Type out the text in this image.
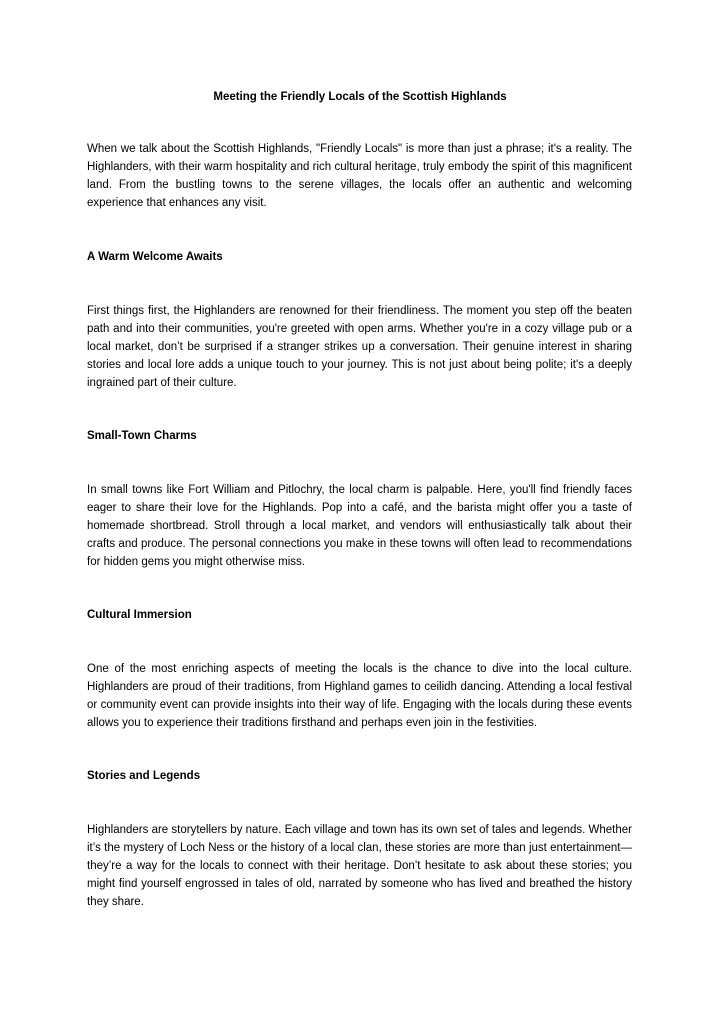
Meeting the Friendly Locals of the Scottish Highlands

When we talk about the Scottish Highlands, "Friendly Locals" is more than just a phrase; it's a reality. The Highlanders, with their warm hospitality and rich cultural heritage, truly embody the spirit of this magnificent land. From the bustling towns to the serene villages, the locals offer an authentic and welcoming experience that enhances any visit.

A Warm Welcome Awaits

First things first, the Highlanders are renowned for their friendliness. The moment you step off the beaten path and into their communities, you're greeted with open arms. Whether you're in a cozy village pub or a local market, don’t be surprised if a stranger strikes up a conversation. Their genuine interest in sharing stories and local lore adds a unique touch to your journey. This is not just about being polite; it's a deeply ingrained part of their culture.

Small-Town Charms

In small towns like Fort William and Pitlochry, the local charm is palpable. Here, you'll find friendly faces eager to share their love for the Highlands. Pop into a café, and the barista might offer you a taste of homemade shortbread. Stroll through a local market, and vendors will enthusiastically talk about their crafts and produce. The personal connections you make in these towns will often lead to recommendations for hidden gems you might otherwise miss.

Cultural Immersion

One of the most enriching aspects of meeting the locals is the chance to dive into the local culture. Highlanders are proud of their traditions, from Highland games to ceilidh dancing. Attending a local festival or community event can provide insights into their way of life. Engaging with the locals during these events allows you to experience their traditions firsthand and perhaps even join in the festivities.

Stories and Legends

Highlanders are storytellers by nature. Each village and town has its own set of tales and legends. Whether it’s the mystery of Loch Ness or the history of a local clan, these stories are more than just entertainment—they’re a way for the locals to connect with their heritage. Don’t hesitate to ask about these stories; you might find yourself engrossed in tales of old, narrated by someone who has lived and breathed the history they share.
